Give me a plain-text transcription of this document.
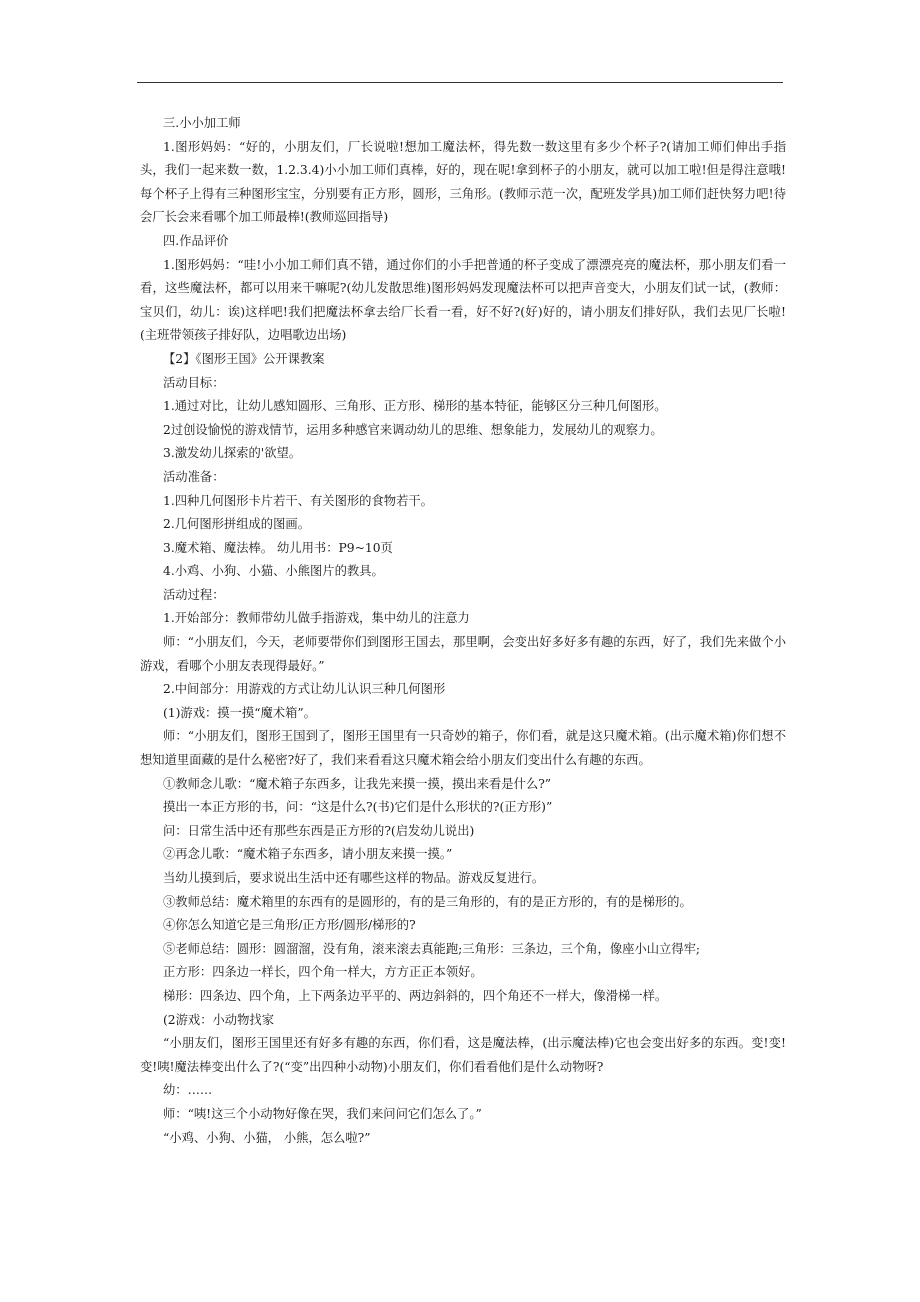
三.小小加工师

1.图形妈妈：“好的，小朋友们，厂长说啦!想加工魔法杯，得先数一数这里有多少个杯子?(请加工师们伸出手指头，我们一起来数一数，1.2.3.4)小小加工师们真棒，好的，现在呢!拿到杯子的小朋友，就可以加工啦!但是得注意哦!每个杯子上得有三种图形宝宝，分别要有正方形，圆形，三角形。(教师示范一次，配班发学具)加工师们赶快努力吧!待会厂长会来看哪个加工师最棒!(教师巡回指导)

四.作品评价

1.图形妈妈：“哇!小小加工师们真不错，通过你们的小手把普通的杯子变成了漂漂亮亮的魔法杯，那小朋友们看一看，这些魔法杯，都可以用来干嘛呢?(幼儿发散思维)图形妈妈发现魔法杯可以把声音变大，小朋友们试一试，(教师：宝贝们，幼儿：诶)这样吧!我们把魔法杯拿去给厂长看一看，好不好?(好)好的，请小朋友们排好队，我们去见厂长啦!(主班带领孩子排好队，边唱歌边出场)

【2】《图形王国》公开课教案

活动目标：

1.通过对比，让幼儿感知圆形、三角形、正方形、梯形的基本特征，能够区分三种几何图形。

2过创设愉悦的游戏情节，运用多种感官来调动幼儿的思维、想象能力，发展幼儿的观察力。

3.激发幼儿探索的'欲望。

活动准备：

1.四种几何图形卡片若干、有关图形的食物若干。

2.几何图形拼组成的图画。

3.魔术箱、魔法棒。 幼儿用书：P9~10页

4.小鸡、小狗、小猫、小熊图片的教具。

活动过程：

1.开始部分：教师带幼儿做手指游戏，集中幼儿的注意力

师：“小朋友们，今天，老师要带你们到图形王国去，那里啊，会变出好多好多有趣的东西，好了，我们先来做个小游戏，看哪个小朋友表现得最好。”

2.中间部分：用游戏的方式让幼儿认识三种几何图形

(1)游戏：摸一摸“魔术箱”。

师：“小朋友们，图形王国到了，图形王国里有一只奇妙的箱子，你们看，就是这只魔术箱。(出示魔术箱)你们想不想知道里面藏的是什么秘密?好了，我们来看看这只魔术箱会给小朋友们变出什么有趣的东西。

①教师念儿歌：“魔术箱子东西多，让我先来摸一摸，摸出来看是什么?”

摸出一本正方形的书，问：“这是什么?(书)它们是什么形状的?(正方形)”

问：日常生活中还有那些东西是正方形的?(启发幼儿说出)

②再念儿歌：“魔术箱子东西多，请小朋友来摸一摸。”

当幼儿摸到后，要求说出生活中还有哪些这样的物品。游戏反复进行。

③教师总结：魔术箱里的东西有的是圆形的，有的是三角形的，有的是正方形的，有的是梯形的。

④你怎么知道它是三角形/正方形/圆形/梯形的?

⑤老师总结：圆形：圆溜溜，没有角，滚来滚去真能跑;三角形：三条边，三个角，像座小山立得牢;

正方形：四条边一样长，四个角一样大，方方正正本领好。

梯形：四条边、四个角，上下两条边平平的、两边斜斜的，四个角还不一样大，像滑梯一样。

(2游戏：小动物找家

“小朋友们，图形王国里还有好多有趣的东西，你们看，这是魔法棒，(出示魔法棒)它也会变出好多的东西。变!变!变!咦!魔法棒变出什么了?(“变”出四种小动物)小朋友们，你们看看他们是什么动物呀?

幼：……

师：“咦!这三个小动物好像在哭，我们来问问它们怎么了。”

“小鸡、小狗、小猫， 小熊，怎么啦?”
